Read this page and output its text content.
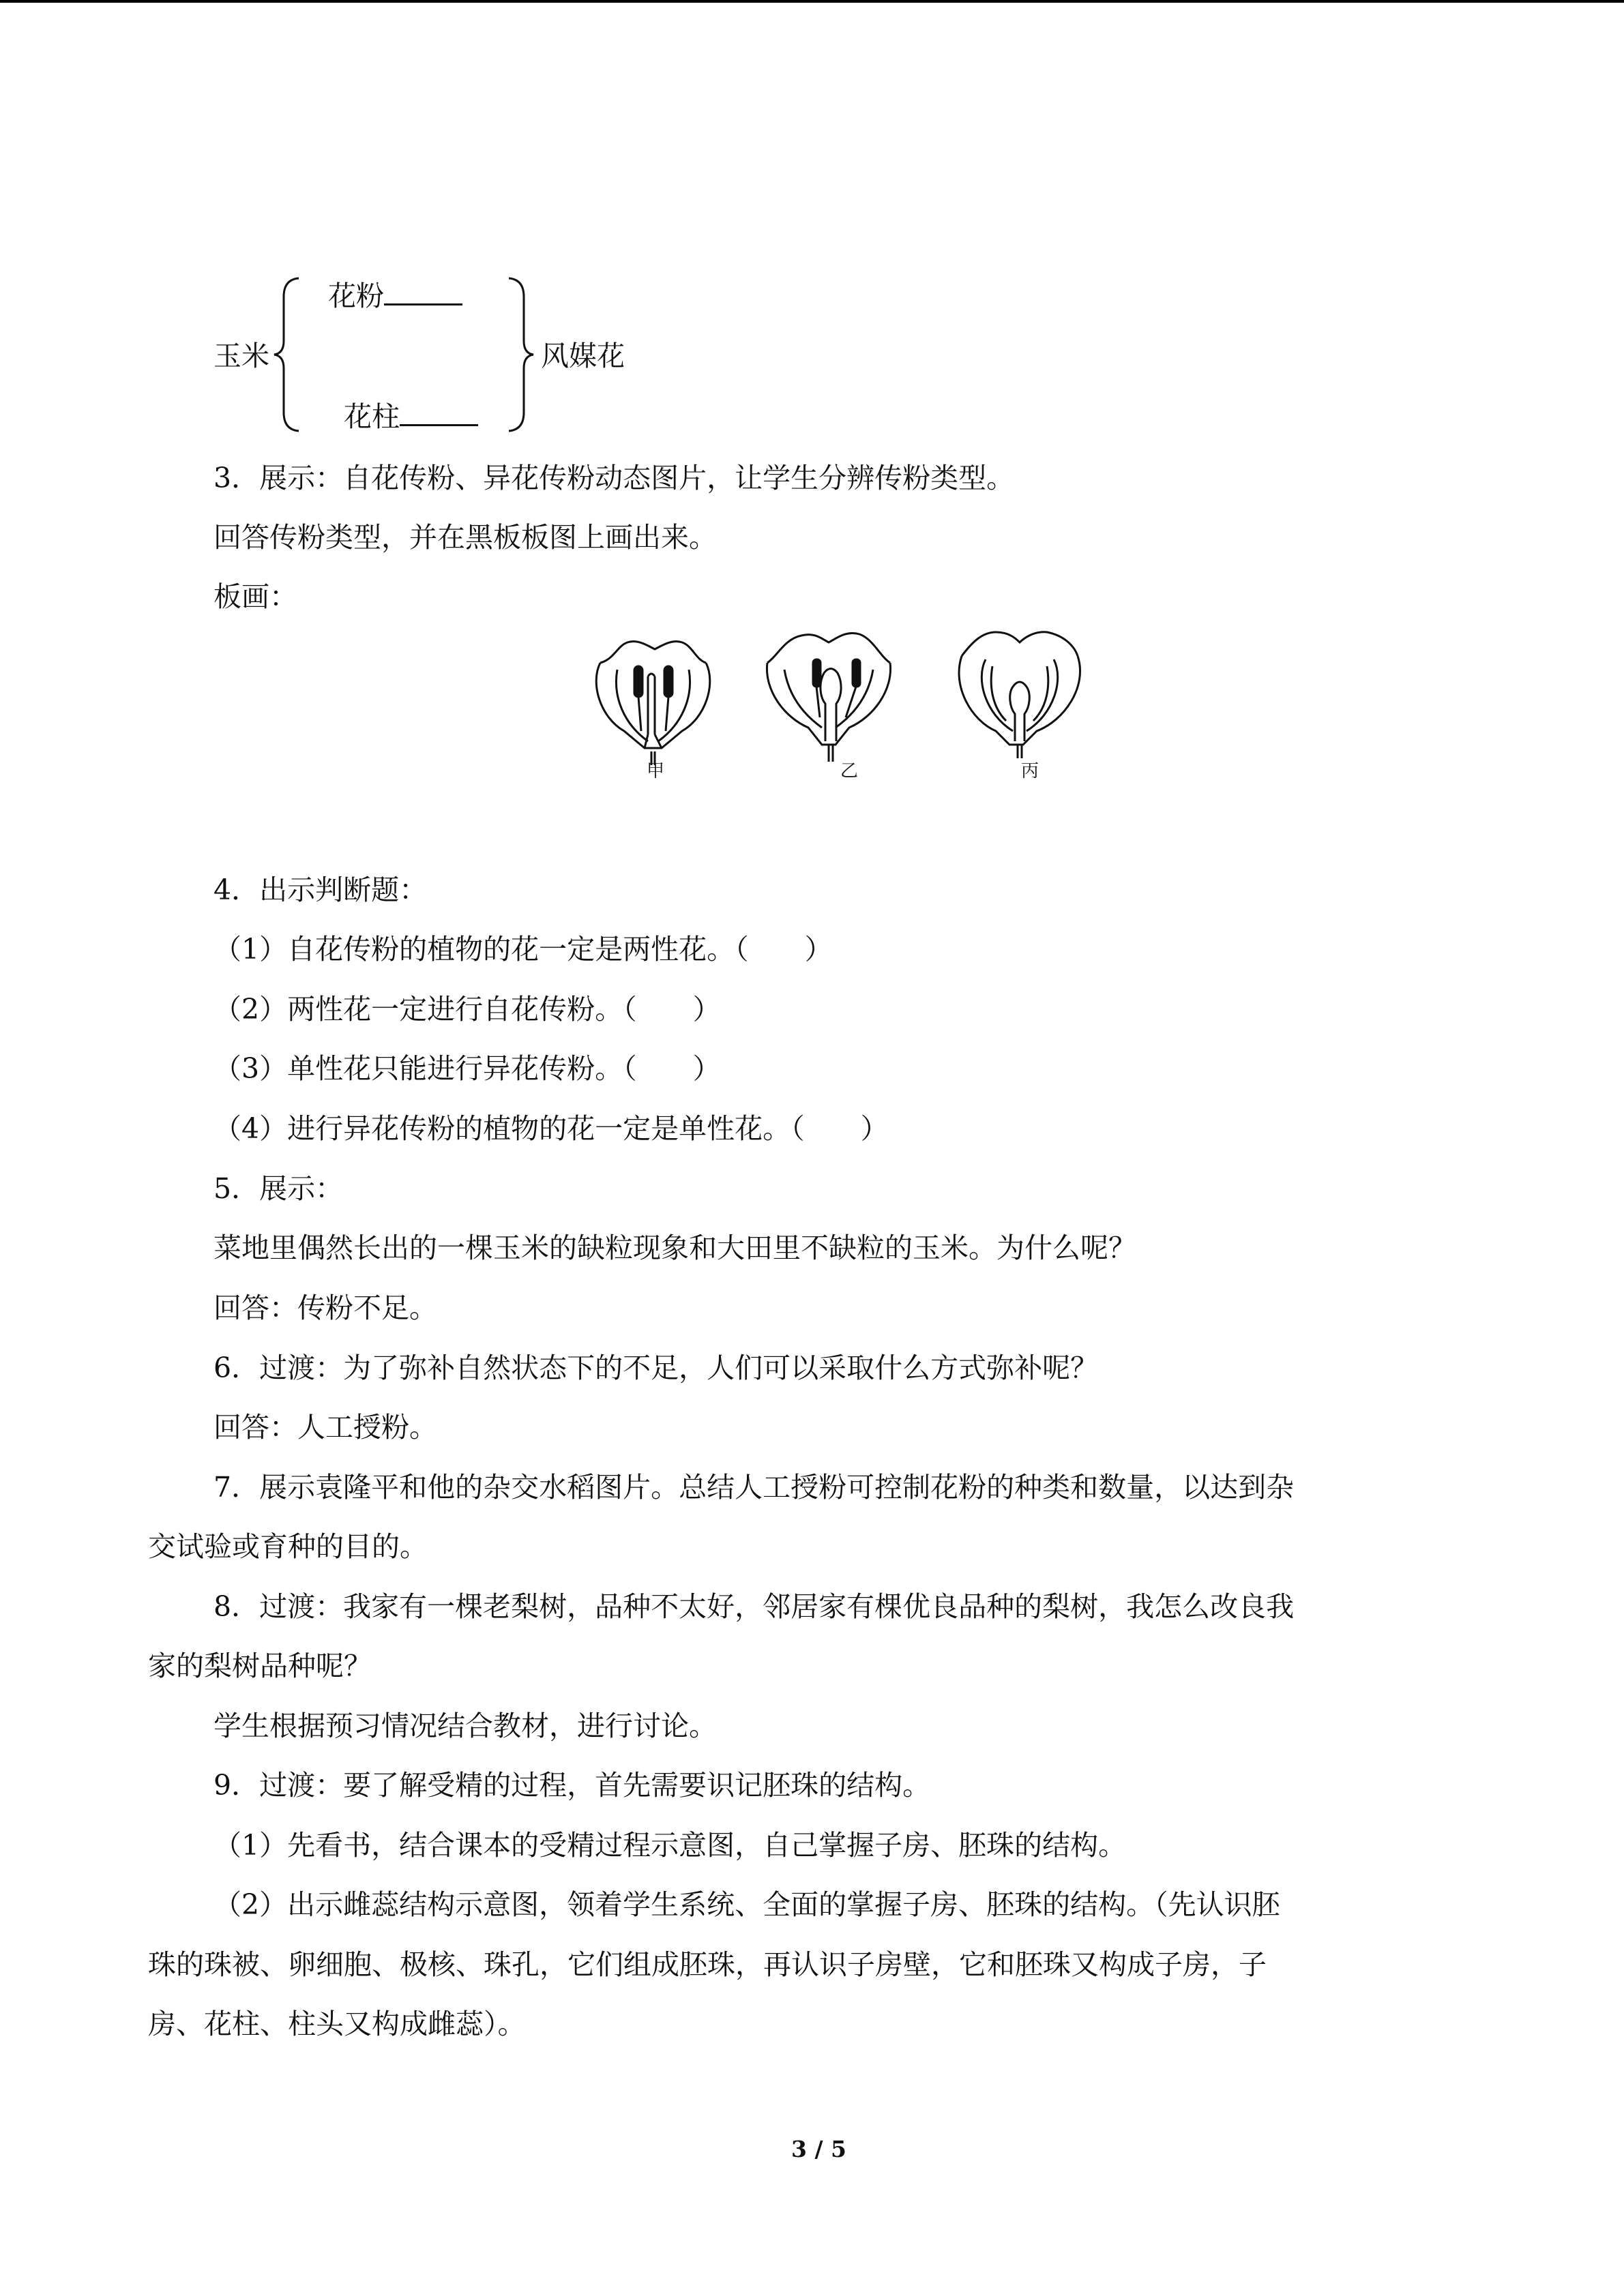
玉米
花粉
花柱
风媒花
3．展示：自花传粉、异花传粉动态图片，让学生分辨传粉类型。
回答传粉类型，并在黑板板图上画出来。
板画：
甲	乙	丙
4．出示判断题：
（1）自花传粉的植物的花一定是两性花。（　　）
（2）两性花一定进行自花传粉。（　　）
（3）单性花只能进行异花传粉。（　　）
（4）进行异花传粉的植物的花一定是单性花。（　　）
5．展示：
菜地里偶然长出的一棵玉米的缺粒现象和大田里不缺粒的玉米。为什么呢？
回答：传粉不足。
6．过渡：为了弥补自然状态下的不足，人们可以采取什么方式弥补呢？
回答：人工授粉。
7．展示袁隆平和他的杂交水稻图片。总结人工授粉可控制花粉的种类和数量，以达到杂
交试验或育种的目的。
8．过渡：我家有一棵老梨树，品种不太好，邻居家有棵优良品种的梨树，我怎么改良我
家的梨树品种呢？
学生根据预习情况结合教材，进行讨论。
9．过渡：要了解受精的过程，首先需要识记胚珠的结构。
（1）先看书，结合课本的受精过程示意图，自己掌握子房、胚珠的结构。
（2）出示雌蕊结构示意图，领着学生系统、全面的掌握子房、胚珠的结构。（先认识胚
珠的珠被、卵细胞、极核、珠孔，它们组成胚珠，再认识子房壁，它和胚珠又构成子房，子
房、花柱、柱头又构成雌蕊）。
3 / 5
